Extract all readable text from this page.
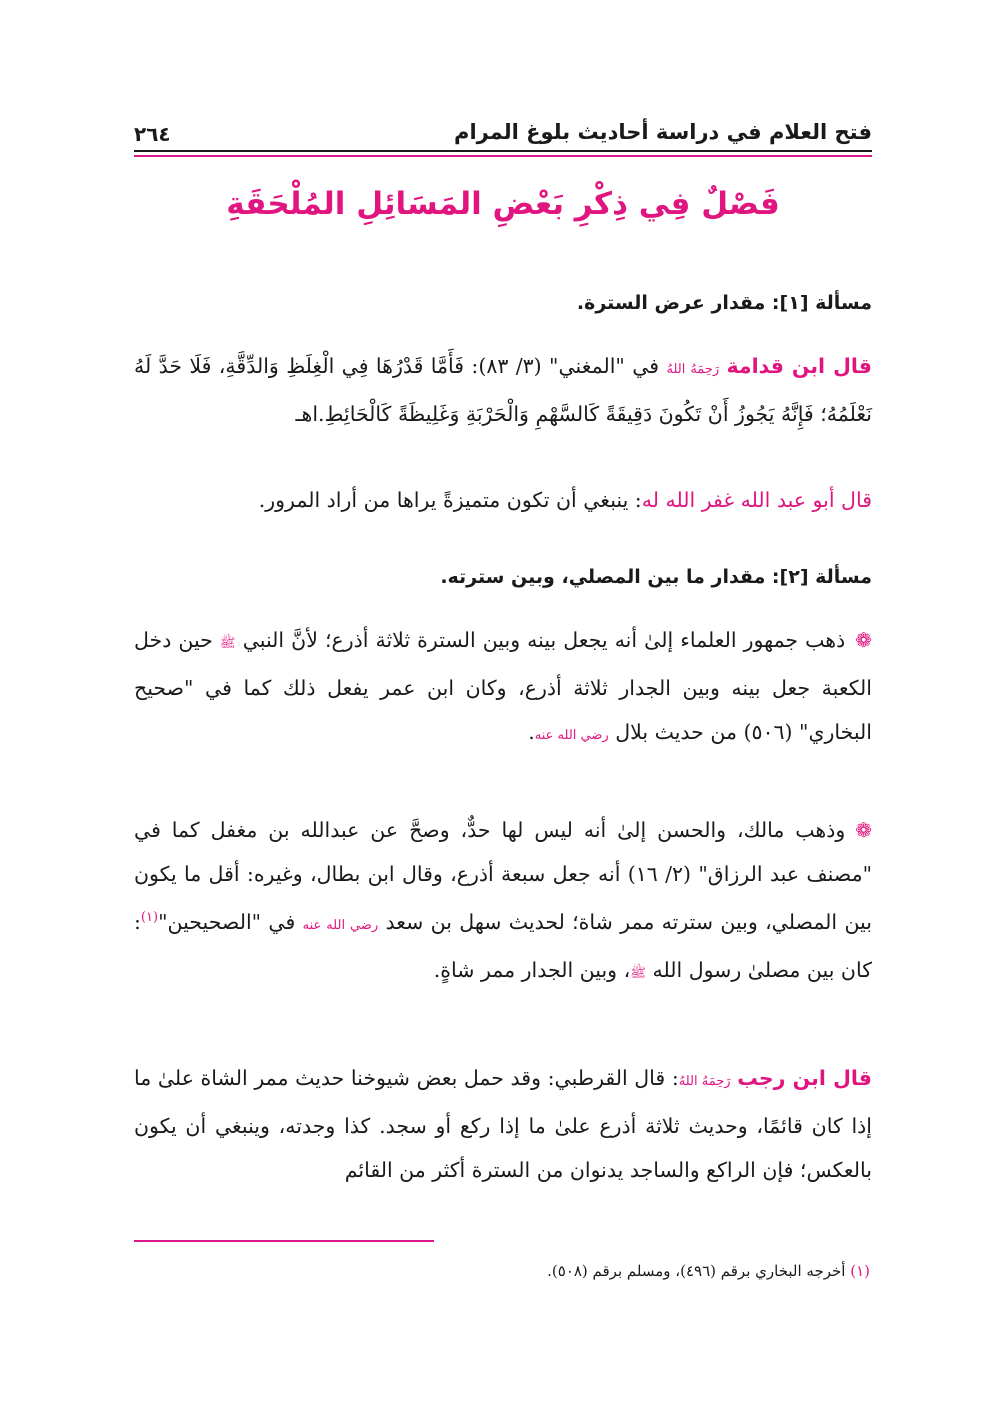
فتح العلام في دراسة أحاديث بلوغ المرام
٢٦٤
فَصْلٌ فِي ذِكْرِ بَعْضِ المَسَائِلِ المُلْحَقَةِ
مسألة [١]: مقدار عرض السترة.
قال ابن قدامة رَحِمَهُ اللهُ في "المغني" (٣/ ٨٣): فَأَمَّا قَدْرُهَا فِي الْغِلَظِ وَالدِّقَّةِ، فَلَا حَدَّ لَهُ نَعْلَمُهُ؛ فَإِنَّهُ يَجُوزُ أَنْ تَكُونَ دَقِيقَةً كَالسَّهْمِ وَالْحَرْبَةِ وَغَلِيظَةً كَالْحَائِطِ.اهـ
قال أبو عبد الله غفر الله له: ينبغي أن تكون متميزةً يراها من أراد المرور.
مسألة [٢]: مقدار ما بين المصلي، وبين سترته.
❁ذهب جمهور العلماء إلىٰ أنه يجعل بينه وبين السترة ثلاثة أذرع؛ لأنَّ النبي ﷺ حين دخل الكعبة جعل بينه وبين الجدار ثلاثة أذرع، وكان ابن عمر يفعل ذلك كما في "صحيح البخاري" (٥٠٦) من حديث بلال رضي الله عنه.
❁وذهب مالك، والحسن إلىٰ أنه ليس لها حدٌّ، وصحَّ عن عبدالله بن مغفل كما في "مصنف عبد الرزاق" (٢/ ١٦) أنه جعل سبعة أذرع، وقال ابن بطال، وغيره: أقل ما يكون بين المصلي، وبين سترته ممر شاة؛ لحديث سهل بن سعد رضي الله عنه في "الصحيحين"$^{(١)}$: كان بين مصلىٰ رسول الله ﷺ، وبين الجدار ممر شاةٍ.
قال ابن رجب رَحِمَهُ اللهُ: قال القرطبي: وقد حمل بعض شيوخنا حديث ممر الشاة علىٰ ما إذا كان قائمًا، وحديث ثلاثة أذرع علىٰ ما إذا ركع أو سجد. كذا وجدته، وينبغي أن يكون بالعكس؛ فإن الراكع والساجد يدنوان من السترة أكثر من القائم
(١) أخرجه البخاري برقم (٤٩٦)، ومسلم برقم (٥٠٨).
